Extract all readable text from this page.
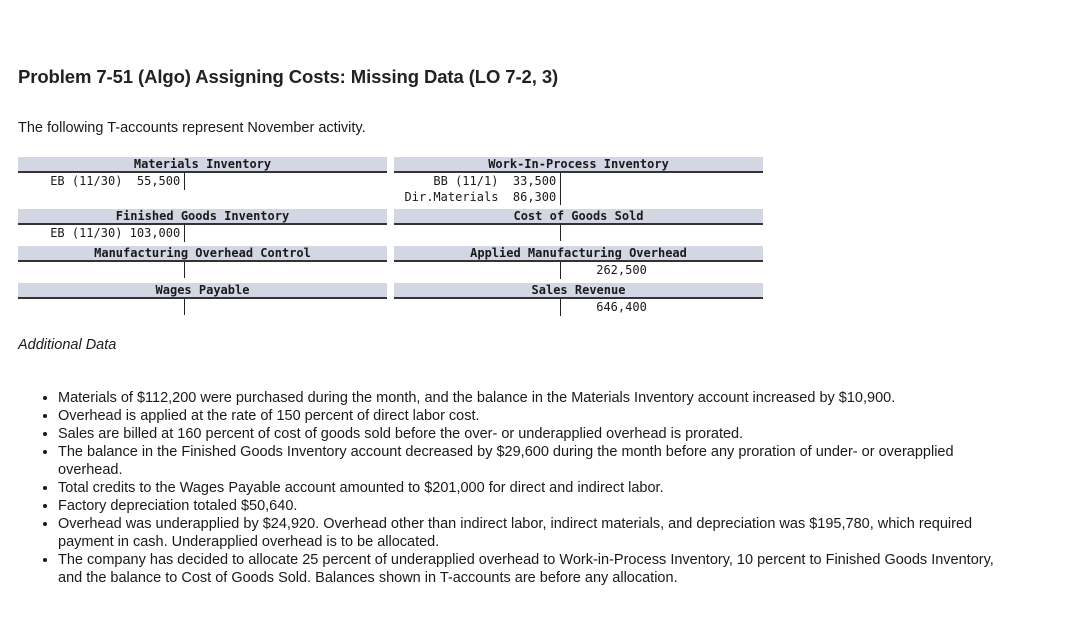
Problem 7-51 (Algo) Assigning Costs: Missing Data (LO 7-2, 3)

The following T-accounts represent November activity.

Materials Inventory
EB (11/30)  55,500
Work-In-Process Inventory
BB (11/1)  33,500
Dir.Materials  86,300
Finished Goods Inventory
EB (11/30) 103,000
Cost of Goods Sold
Manufacturing Overhead Control	Applied Manufacturing Overhead
262,500
Wages Payable	Sales Revenue
646,400

Additional Data

• Materials of $112,200 were purchased during the month, and the balance in the Materials Inventory account increased by $10,900.
• Overhead is applied at the rate of 150 percent of direct labor cost.
• Sales are billed at 160 percent of cost of goods sold before the over- or underapplied overhead is prorated.
• The balance in the Finished Goods Inventory account decreased by $29,600 during the month before any proration of under- or overapplied overhead.
• Total credits to the Wages Payable account amounted to $201,000 for direct and indirect labor.
• Factory depreciation totaled $50,640.
• Overhead was underapplied by $24,920. Overhead other than indirect labor, indirect materials, and depreciation was $195,780, which required payment in cash. Underapplied overhead is to be allocated.
• The company has decided to allocate 25 percent of underapplied overhead to Work-in-Process Inventory, 10 percent to Finished Goods Inventory, and the balance to Cost of Goods Sold. Balances shown in T-accounts are before any allocation.
